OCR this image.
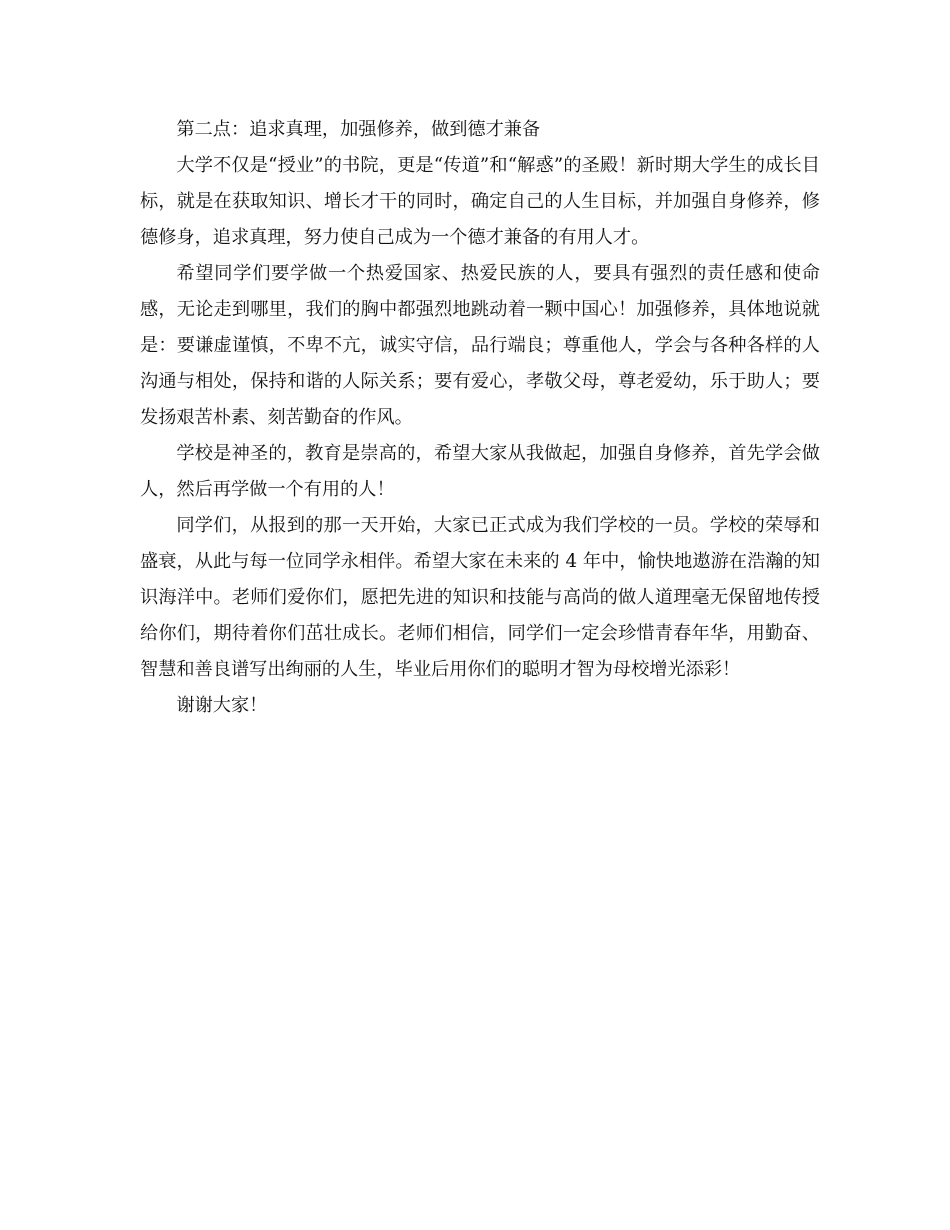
第二点：追求真理，加强修养，做到德才兼备

大学不仅是“授业”的书院，更是“传道”和“解惑”的圣殿！新时期大学生的成长目标，就是在获取知识、增长才干的同时，确定自己的人生目标，并加强自身修养，修德修身，追求真理，努力使自己成为一个德才兼备的有用人才。

希望同学们要学做一个热爱国家、热爱民族的人，要具有强烈的责任感和使命感，无论走到哪里，我们的胸中都强烈地跳动着一颗中国心！加强修养，具体地说就是：要谦虚谨慎，不卑不亢，诚实守信，品行端良；尊重他人，学会与各种各样的人沟通与相处，保持和谐的人际关系；要有爱心，孝敬父母，尊老爱幼，乐于助人；要发扬艰苦朴素、刻苦勤奋的作风。

学校是神圣的，教育是崇高的，希望大家从我做起，加强自身修养，首先学会做人，然后再学做一个有用的人！

同学们，从报到的那一天开始，大家已正式成为我们学校的一员。学校的荣辱和盛衰，从此与每一位同学永相伴。希望大家在未来的 4 年中，愉快地遨游在浩瀚的知识海洋中。老师们爱你们，愿把先进的知识和技能与高尚的做人道理毫无保留地传授给你们，期待着你们茁壮成长。老师们相信，同学们一定会珍惜青春年华，用勤奋、智慧和善良谱写出绚丽的人生，毕业后用你们的聪明才智为母校增光添彩！

谢谢大家！
